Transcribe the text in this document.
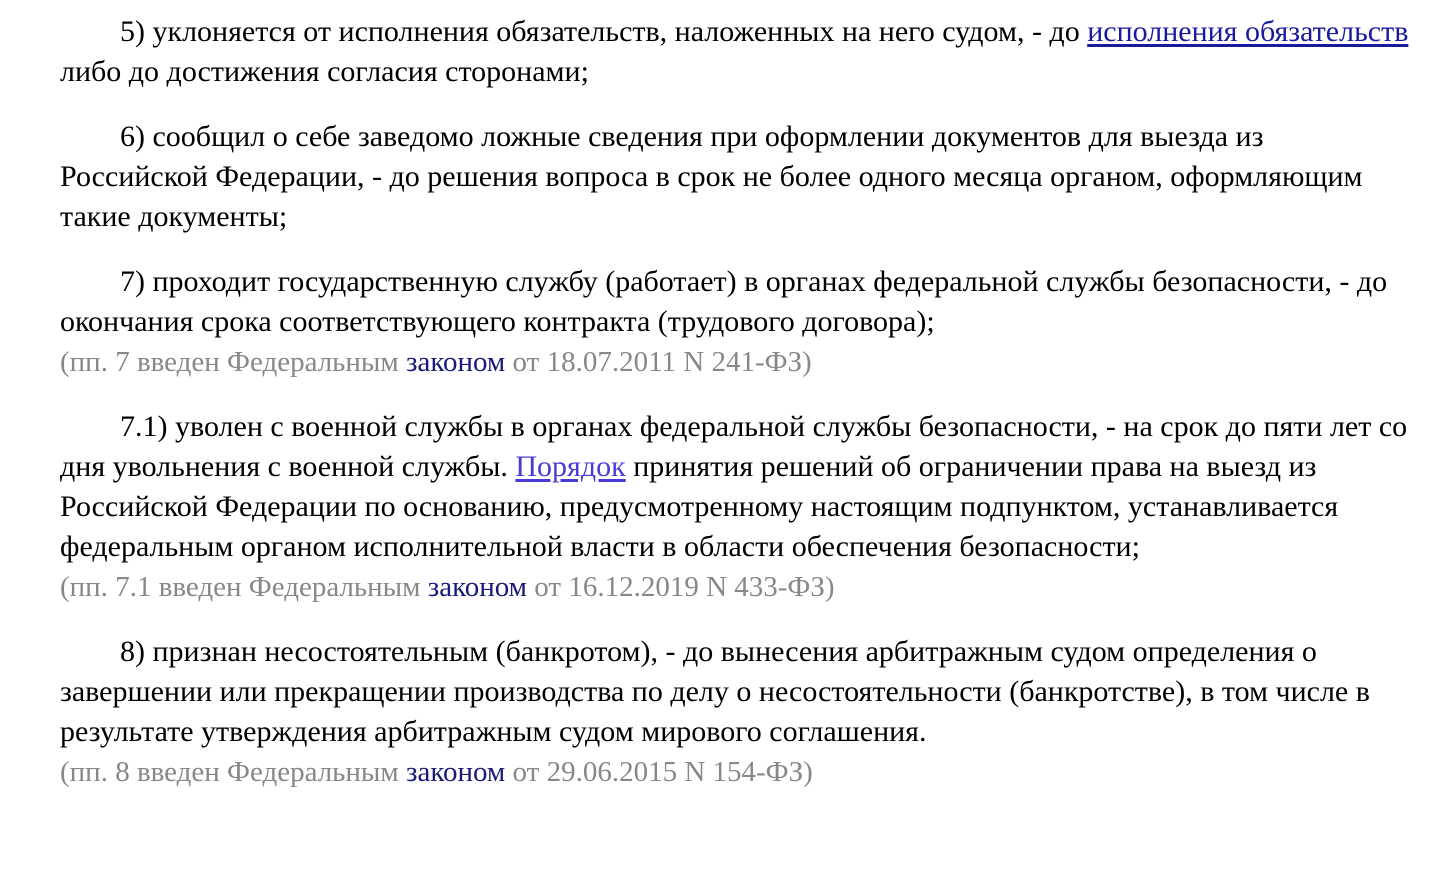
5) уклоняется от исполнения обязательств, наложенных на него судом, - до исполнения обязательств либо до достижения согласия сторонами;

6) сообщил о себе заведомо ложные сведения при оформлении документов для выезда из Российской Федерации, - до решения вопроса в срок не более одного месяца органом, оформляющим такие документы;

7) проходит государственную службу (работает) в органах федеральной службы безопасности, - до окончания срока соответствующего контракта (трудового договора);

(пп. 7 введен Федеральным законом от 18.07.2011 N 241-ФЗ)

7.1) уволен с военной службы в органах федеральной службы безопасности, - на срок до пяти лет со дня увольнения с военной службы. Порядок принятия решений об ограничении права на выезд из Российской Федерации по основанию, предусмотренному настоящим подпунктом, устанавливается федеральным органом исполнительной власти в области обеспечения безопасности;

(пп. 7.1 введен Федеральным законом от 16.12.2019 N 433-ФЗ)

8) признан несостоятельным (банкротом), - до вынесения арбитражным судом определения о завершении или прекращении производства по делу о несостоятельности (банкротстве), в том числе в результате утверждения арбитражным судом мирового соглашения.

(пп. 8 введен Федеральным законом от 29.06.2015 N 154-ФЗ)
